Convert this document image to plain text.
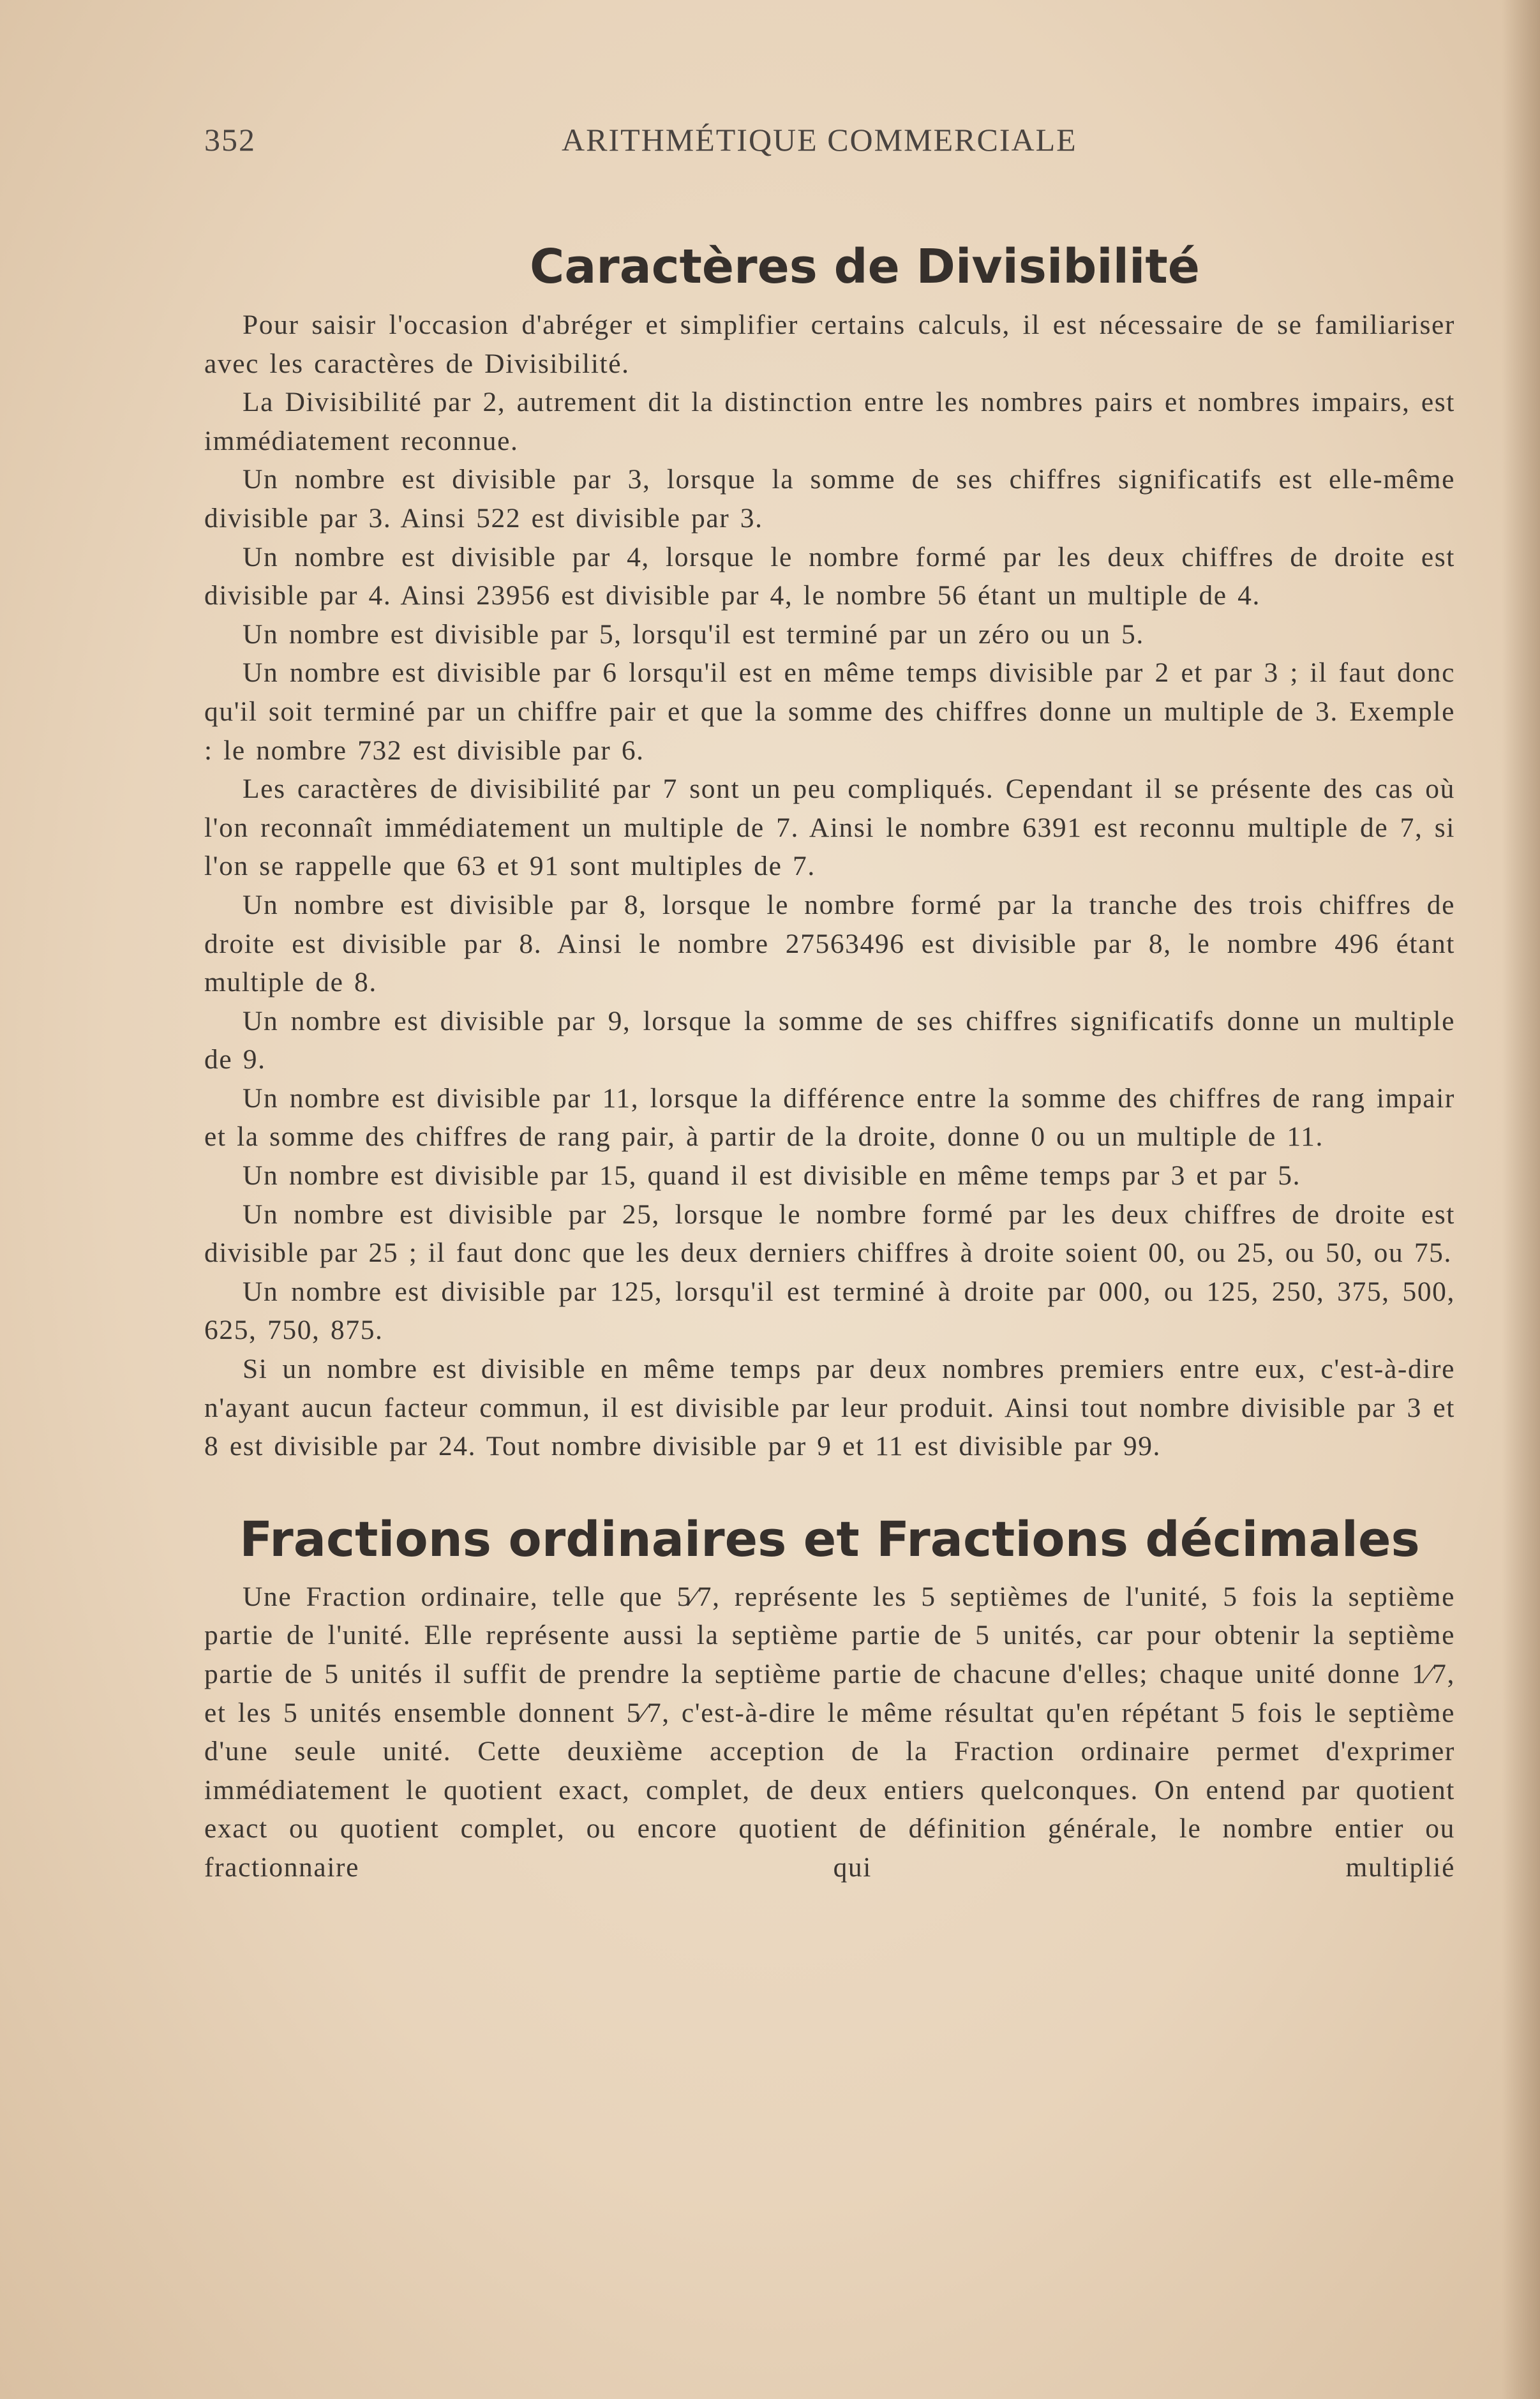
352	ARITHMÉTIQUE COMMERCIALE
Caractères de Divisibilité

Pour saisir l'occasion d'abréger et simplifier certains calculs, il est nécessaire de se familiariser avec les caractères de Divisibilité.

La Divisibilité par 2, autrement dit la distinction entre les nombres pairs et nombres impairs, est immédiatement reconnue.

Un nombre est divisible par 3, lorsque la somme de ses chiffres significatifs est elle-même divisible par 3. Ainsi 522 est divisible par 3.

Un nombre est divisible par 4, lorsque le nombre formé par les deux chiffres de droite est divisible par 4. Ainsi 23956 est divisible par 4, le nombre 56 étant un multiple de 4.

Un nombre est divisible par 5, lorsqu'il est terminé par un zéro ou un 5.

Un nombre est divisible par 6 lorsqu'il est en même temps divisible par 2 et par 3 ; il faut donc qu'il soit terminé par un chiffre pair et que la somme des chiffres donne un multiple de 3. Exemple : le nombre 732 est divisible par 6.

Les caractères de divisibilité par 7 sont un peu compliqués. Cependant il se présente des cas où l'on reconnaît immédiatement un multiple de 7. Ainsi le nombre 6391 est reconnu multiple de 7, si l'on se rappelle que 63 et 91 sont multiples de 7.

Un nombre est divisible par 8, lorsque le nombre formé par la tranche des trois chiffres de droite est divisible par 8. Ainsi le nombre 27563496 est divisible par 8, le nombre 496 étant multiple de 8.

Un nombre est divisible par 9, lorsque la somme de ses chiffres significatifs donne un multiple de 9.

Un nombre est divisible par 11, lorsque la différence entre la somme des chiffres de rang impair et la somme des chiffres de rang pair, à partir de la droite, donne 0 ou un multiple de 11.

Un nombre est divisible par 15, quand il est divisible en même temps par 3 et par 5.

Un nombre est divisible par 25, lorsque le nombre formé par les deux chiffres de droite est divisible par 25 ; il faut donc que les deux derniers chiffres à droite soient 00, ou 25, ou 50, ou 75.

Un nombre est divisible par 125, lorsqu'il est terminé à droite par 000, ou 125, 250, 375, 500, 625, 750, 875.

Si un nombre est divisible en même temps par deux nombres premiers entre eux, c'est-à-dire n'ayant aucun facteur commun, il est divisible par leur produit. Ainsi tout nombre divisible par 3 et 8 est divisible par 24. Tout nombre divisible par 9 et 11 est divisible par 99.

Fractions ordinaires et Fractions décimales

Une Fraction ordinaire, telle que 5⁄7, représente les 5 septièmes de l'unité, 5 fois la septième partie de l'unité. Elle représente aussi la septième partie de 5 unités, car pour obtenir la septième partie de 5 unités il suffit de prendre la septième partie de chacune d'elles; chaque unité donne 1⁄7, et les 5 unités ensemble donnent 5⁄7, c'est-à-dire le même résultat qu'en répétant 5 fois le septième d'une seule unité. Cette deuxième acception de la Fraction ordinaire permet d'exprimer immédiatement le quotient exact, complet, de deux entiers quelconques. On entend par quotient exact ou quotient complet, ou encore quotient de définition générale, le nombre entier ou fractionnaire qui multiplié
